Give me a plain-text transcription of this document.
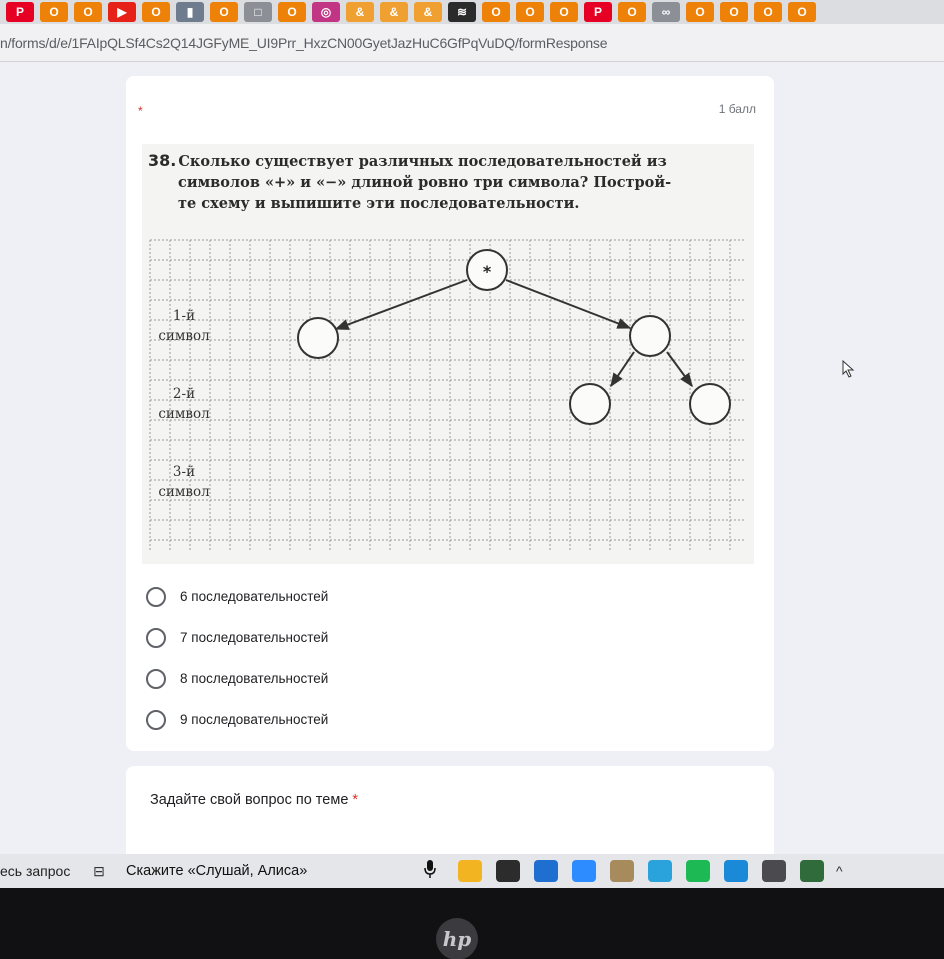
P	О	О	▶	О	▮	О	□	О	◎	&	&	&	≋	О	О	О	P	О	∞	О	О	О	О
n/forms/d/e/1FAIpQLSf4Cs2Q14JGFyME_UI9Prr_HxzCN00GyetJazHuC6GfPqVuDQ/formResponse
*	1 балл
*
38. Сколько существует различных последовательностей из
символов «+» и «−» длиной ровно три символа? Построй-
те схему и выпишите эти последовательности.
1-й
символ
2-й
символ
3-й
символ
6 последовательностей
7 последовательностей
8 последовательностей
9 последовательностей
Задайте свой вопрос по теме *
есь запрос	⊟	Скажите «Слушай, Алиса»	^
hp
